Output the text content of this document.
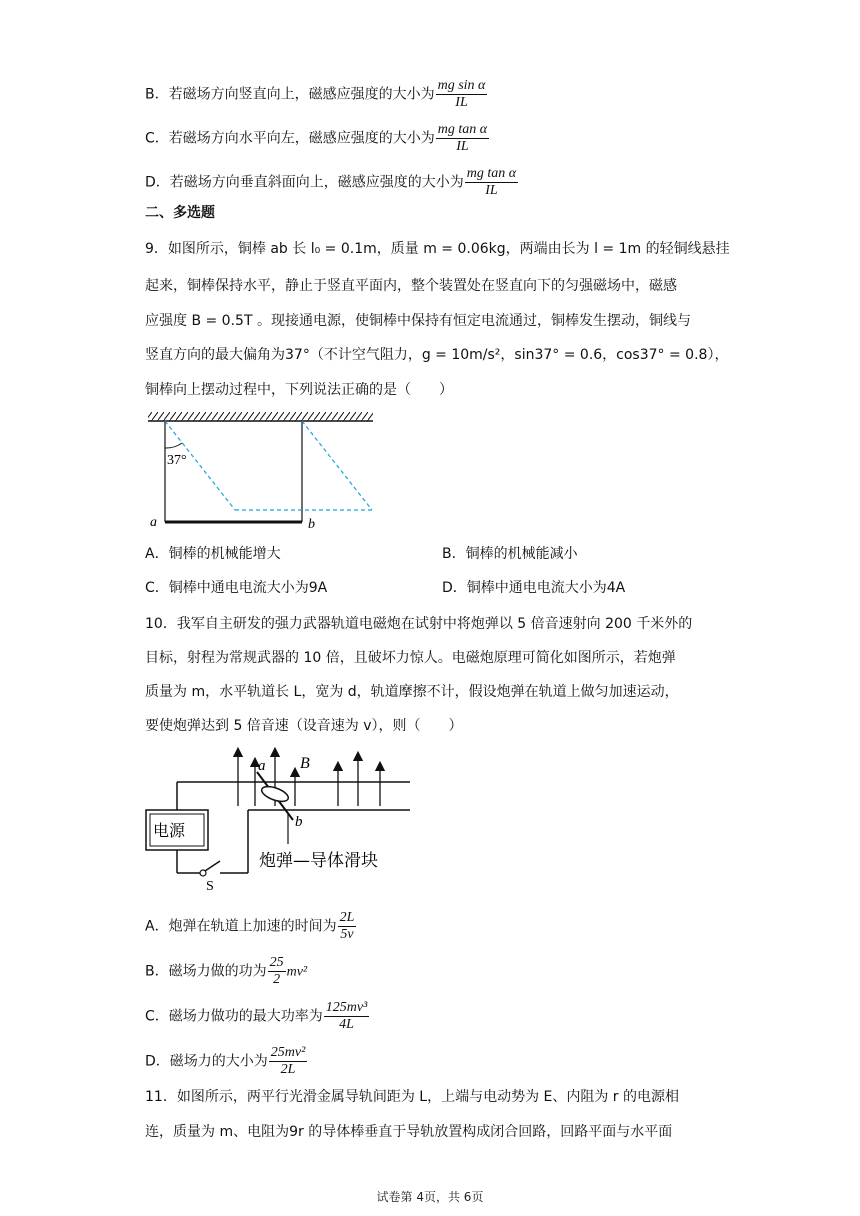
B．若磁场方向竖直向上，磁感应强度的大小为 $\frac{\text{mg sin α}}{IL}$
C．若磁场方向水平向左，磁感应强度的大小为 $\frac{\text{mg tan α}}{IL}$
D．若磁场方向垂直斜面向上，磁感应强度的大小为 $\frac{\text{mg tan α}}{IL}$
二、多选题
9．如图所示，铜棒 ab 长 l₀ = 0.1m，质量 m = 0.06kg，两端由长为 l = 1m 的轻铜线悬挂
起来，铜棒保持水平，静止于竖直平面内，整个装置处在竖直向下的匀强磁场中，磁感
应强度 B = 0.5T 。现接通电源，使铜棒中保持有恒定电流通过，铜棒发生摆动，铜线与
竖直方向的最大偏角为37°（不计空气阻力，g = 10m/s²，sin37° = 0.6，cos37° = 0.8），
铜棒向上摆动过程中，下列说法正确的是（　　）
37°
a	b
A．铜棒的机械能增大	B．铜棒的机械能减小
C．铜棒中通电电流大小为9A	D．铜棒中通电电流大小为4A
10．我军自主研发的强力武器轨道电磁炮在试射中将炮弹以 5 倍音速射向 200 千米外的
目标，射程为常规武器的 10 倍，且破坏力惊人。电磁炮原理可简化如图所示，若炮弹
质量为 m，水平轨道长 L，宽为 d，轨道摩擦不计，假设炮弹在轨道上做匀加速运动，
要使炮弹达到 5 倍音速（设音速为 v），则（　　）
S
电源
a
b
B
炮弹—导体滑块
A．炮弹在轨道上加速的时间为 $\frac{2L}{5v}$
B．磁场力做的功为 $\frac{25}{2} mv^2$
C．磁场力做功的最大功率为 $\frac{\text{125mv³}}{4L}$
D．磁场力的大小为 $\frac{\text{25mv²}}{2L}$
11．如图所示，两平行光滑金属导轨间距为 L，上端与电动势为 E、内阻为 r 的电源相
连，质量为 m、电阻为9r 的导体棒垂直于导轨放置构成闭合回路，回路平面与水平面
试卷第 4页，共 6页
